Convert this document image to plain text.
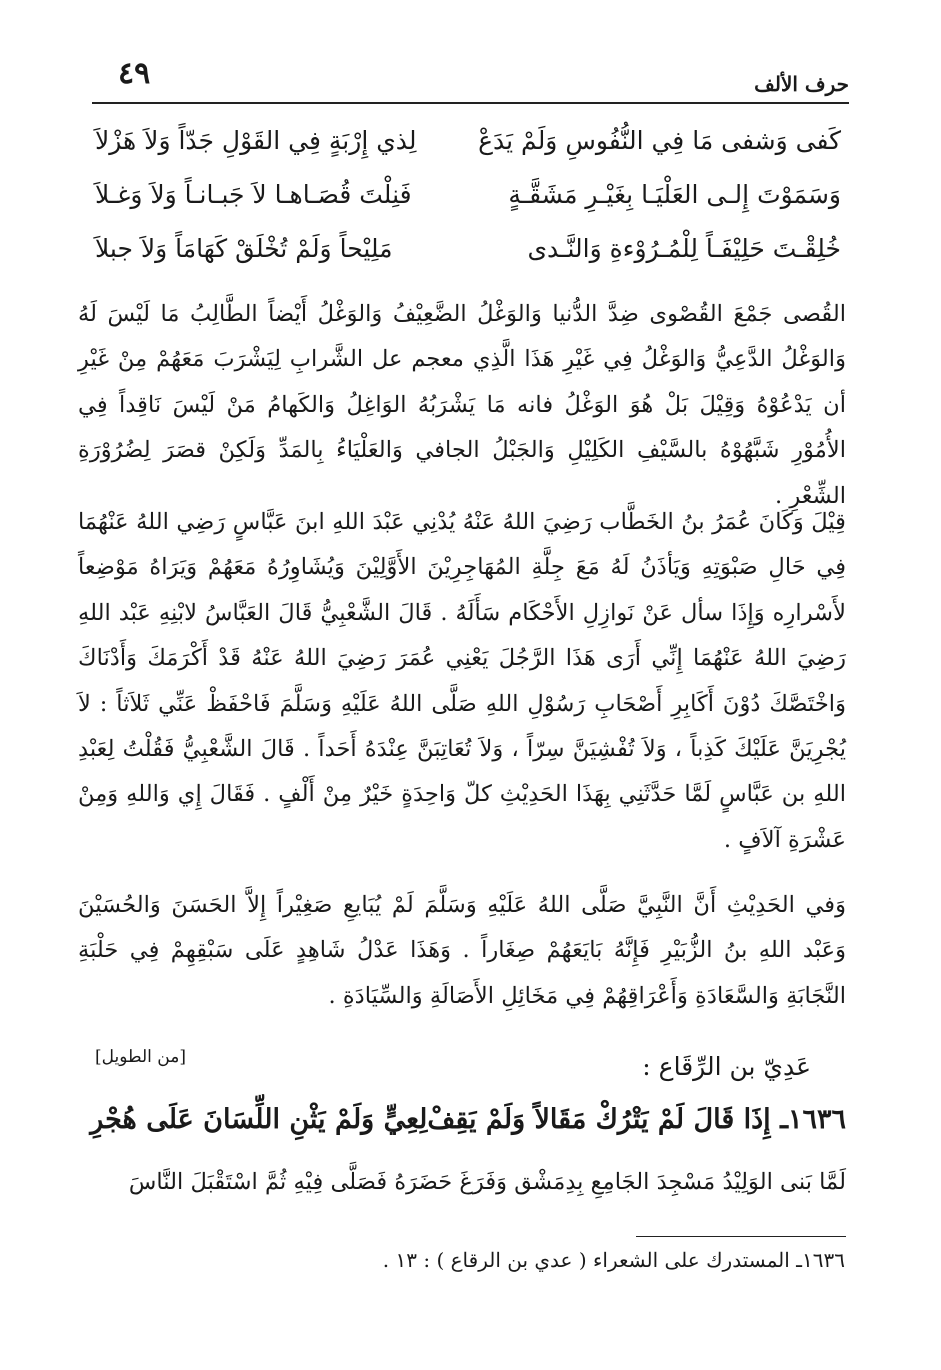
حرف الألف
٤٩
كَفى وَشفى مَا فِي النُّفُوسِ وَلَمْ يَدَعْ
لِذي إِرْبَةٍ فِي القَوْلِ جَدّاً وَلاَ هَزْلاَ
وَسَمَوْتَ إِلـى العَلْيَـا بِغَيْـرِ مَشَقَّـةٍ
فَنِلْتَ قُصَـاهـا لاَ جَبـانـاً وَلاَ وَغـلاَ
خُلِقْـتَ حَلِيْفَـاً لِلْمُـرُوْءةِ وَالنَّـدى
مَلِيْحاً وَلَمْ تُخْلَقْ كَهَامَاً وَلاَ جبلاَ

القُصى جَمْعَ القُصْوى ضِدَّ الدُّنيا وَالوَغْلُ الضَّعِيْفُ وَالوَغْلُ أَيْضاً الطَّالِبُ مَا لَيْسَ لَهُ وَالوَغْلُ الدَّعِيُّ وَالوَغْلُ فِي غَيْرِ هَذَا الَّذِي معجم عل الشَّرابِ لِيَشْرَبَ مَعَهُمْ مِنْ غَيْرِ أن يَدْعُوْهُ وَقِيْلَ بَلْ هُوَ الوَغْلُ فانه مَا يَشْرَبُهُ الوَاغِلُ وَالكَهامُ مَنْ لَيْسَ نَاقِداً فِي الأُمُوْرِ شَبَّهُوْهُ بالسَّيْفِ الكَلِيْلِ وَالجَبْلُ الجافي وَالعَلْيَاءُ بِالمَدِّ وَلَكِنْ قصَرَ لِضُرُوْرَةِ الشِّعْرِ .

قِيْلَ وَكَانَ عُمَرُ بنُ الخَطَّاب رَضِيَ اللهُ عَنْهُ يُدْنِي عَبْدَ اللهِ ابنَ عَبَّاسٍ رَضِي اللهُ عَنْهُمَا فِي حَالِ صَبْوَتِهِ وَيَأذَنُ لَهُ مَعَ جِلَّةِ المُهَاجِرِيْنَ الأَوَّلِيْنَ وَيُشَاوِرُهُ مَعَهُمْ وَيَرَاهُ مَوْضِعاً لأَسْرارِه وَإِذَا سأل عَنْ نَوازِلِ الأَحْكَام سَأَلَهُ . قَالَ الشَّعْبِيُّ قَالَ العَبَّاسُ لابْنِهِ عَبْد اللهِ رَضِيَ اللهُ عَنْهُمَا إِنِّي أَرَى هَذَا الرَّجُلَ يَعْنِي عُمَرَ رَضِيَ اللهُ عَنْهُ قَدْ أَكْرَمَكَ وَأَدْنَاكَ وَاخْتَصَّكَ دُوْنَ أَكَابِرِ أَصْحَابِ رَسُوْلِ اللهِ صَلَّى اللهُ عَلَيْهِ وَسَلَّمَ فَاحْفَظْ عَنِّي ثَلاَثاً : لاَ يُجْرِيَنَّ عَلَيْكَ كَذِباً ، وَلاَ تُفْشِيَنَّ سِرّاً ، وَلاَ تُعَاتِبَنَّ عِنْدَهُ أَحَداً . قَالَ الشَّعْبِيُّ فَقُلْتُ لِعَبْدِ اللهِ بن عَبَّاسٍ لَمَّا حَدَّثَنِي بِهَذَا الحَدِيْثِ كلّ وَاحِدَةٍ خَيْرٌ مِنْ أَلْفٍ . فَقَالَ إِي وَاللهِ وَمِنْ عَشْرَةِ آلاَفٍ .

وَفي الحَدِيْثِ أَنَّ النَّبِيَّ صَلَّى اللهُ عَلَيْهِ وَسَلَّمَ لَمْ يُبَايعِ صَغِيْراً إِلاَّ الحَسَنَ وَالحُسَيْنَ وَعَبْد اللهِ بنُ الزُّبَيْرِ فَإِنَّهُ بَايَعَهُمْ صِغَاراً . وَهَذَا عَدْلُ شَاهِدٍ عَلَى سَبْقِهِمْ فِي حَلْبَةِ النَّجَابَةِ وَالسَّعَادَةِ وَأَعْرَاقِهُمْ فِي مَخَائِلِ الأَصَالَةِ وَالسِّيَادَةِ .

[من الطويل]	عَدِيّ بن الرِّقَاع :
١٦٣٦ـ إِذَا قَالَ لَمْ يَتْرُكْ مَقَالاً وَلَمْ يَقِفْ
لِعِيٍّ وَلَمْ يَثْنِ اللِّسَانَ عَلَى هُجْرِ

لَمَّا بَنى الوَلِيْدُ مَسْجِدَ الجَامِعِ بِدِمَشْق وَفَرَغَ حَضَرَهُ فَصَلَّى فِيْهِ ثُمَّ اسْتَقْبَلَ النَّاسَ

١٦٣٦ـ المستدرك على الشعراء ( عدي بن الرقاع ) : ١٣ .
